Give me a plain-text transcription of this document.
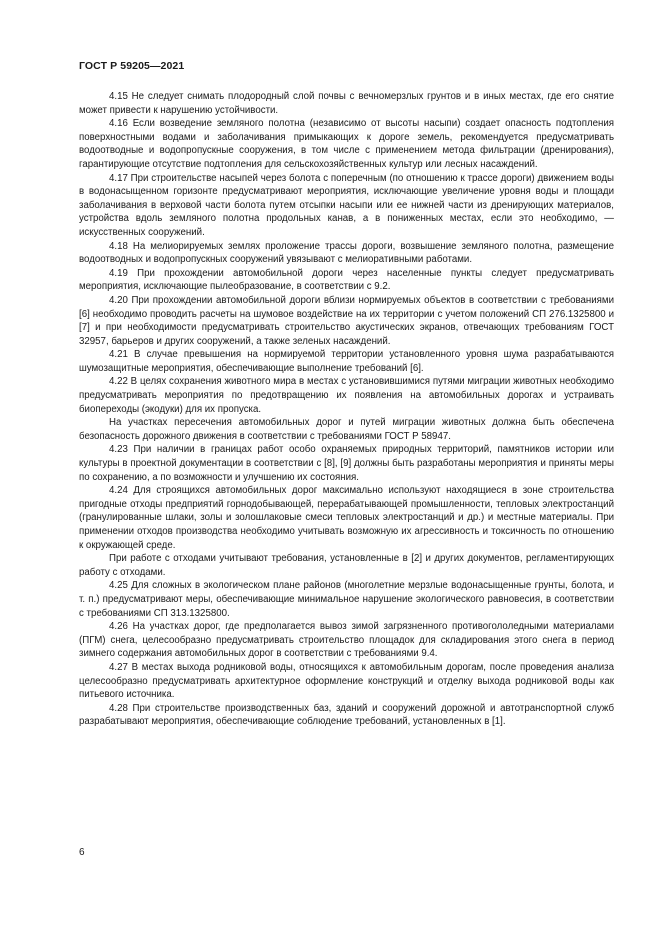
ГОСТ Р 59205—2021

4.15 Не следует снимать плодородный слой почвы с вечномерзлых грунтов и в иных местах, где его снятие может привести к нарушению устойчивости.

4.16 Если возведение земляного полотна (независимо от высоты насыпи) создает опасность подтопления поверхностными водами и заболачивания примыкающих к дороге земель, рекомендуется предусматривать водоотводные и водопропускные сооружения, в том числе с применением метода фильтрации (дренирования), гарантирующие отсутствие подтопления для сельскохозяйственных культур или лесных насаждений.

4.17 При строительстве насыпей через болота с поперечным (по отношению к трассе дороги) движением воды в водонасыщенном горизонте предусматривают мероприятия, исключающие увеличение уровня воды и площади заболачивания в верховой части болота путем отсыпки насыпи или ее нижней части из дренирующих материалов, устройства вдоль земляного полотна продольных канав, а в пониженных местах, если это необходимо, — искусственных сооружений.

4.18 На мелиорируемых землях проложение трассы дороги, возвышение земляного полотна, размещение водоотводных и водопропускных сооружений увязывают с мелиоративными работами.

4.19 При прохождении автомобильной дороги через населенные пункты следует предусматривать мероприятия, исключающие пылеобразование, в соответствии с 9.2.

4.20 При прохождении автомобильной дороги вблизи нормируемых объектов в соответствии с требованиями [6] необходимо проводить расчеты на шумовое воздействие на их территории с учетом положений СП 276.1325800 и [7] и при необходимости предусматривать строительство акустических экранов, отвечающих требованиям ГОСТ 32957, барьеров и других сооружений, а также зеленых насаждений.

4.21 В случае превышения на нормируемой территории установленного уровня шума разрабатываются шумозащитные мероприятия, обеспечивающие выполнение требований [6].

4.22 В целях сохранения животного мира в местах с установившимися путями миграции животных необходимо предусматривать мероприятия по предотвращению их появления на автомобильных дорогах и устраивать биопереходы (экодуки) для их пропуска.

На участках пересечения автомобильных дорог и путей миграции животных должна быть обеспечена безопасность дорожного движения в соответствии с требованиями ГОСТ Р 58947.

4.23 При наличии в границах работ особо охраняемых природных территорий, памятников истории или культуры в проектной документации в соответствии с [8], [9] должны быть разработаны мероприятия и приняты меры по сохранению, а по возможности и улучшению их состояния.

4.24 Для строящихся автомобильных дорог максимально используют находящиеся в зоне строительства пригодные отходы предприятий горнодобывающей, перерабатывающей промышленности, тепловых электростанций (гранулированные шлаки, золы и золошлаковые смеси тепловых электростанций и др.) и местные материалы. При применении отходов производства необходимо учитывать возможную их агрессивность и токсичность по отношению к окружающей среде.

При работе с отходами учитывают требования, установленные в [2] и других документов, регламентирующих работу с отходами.

4.25 Для сложных в экологическом плане районов (многолетние мерзлые водонасыщенные грунты, болота, и т. п.) предусматривают меры, обеспечивающие минимальное нарушение экологического равновесия, в соответствии с требованиями СП 313.1325800.

4.26 На участках дорог, где предполагается вывоз зимой загрязненного противогололедными материалами (ПГМ) снега, целесообразно предусматривать строительство площадок для складирования этого снега в период зимнего содержания автомобильных дорог в соответствии с требованиями 9.4.

4.27 В местах выхода родниковой воды, относящихся к автомобильным дорогам, после проведения анализа целесообразно предусматривать архитектурное оформление конструкций и отделку выхода родниковой воды как питьевого источника.

4.28 При строительстве производственных баз, зданий и сооружений дорожной и автотранспортной служб разрабатывают мероприятия, обеспечивающие соблюдение требований, установленных в [1].

6
